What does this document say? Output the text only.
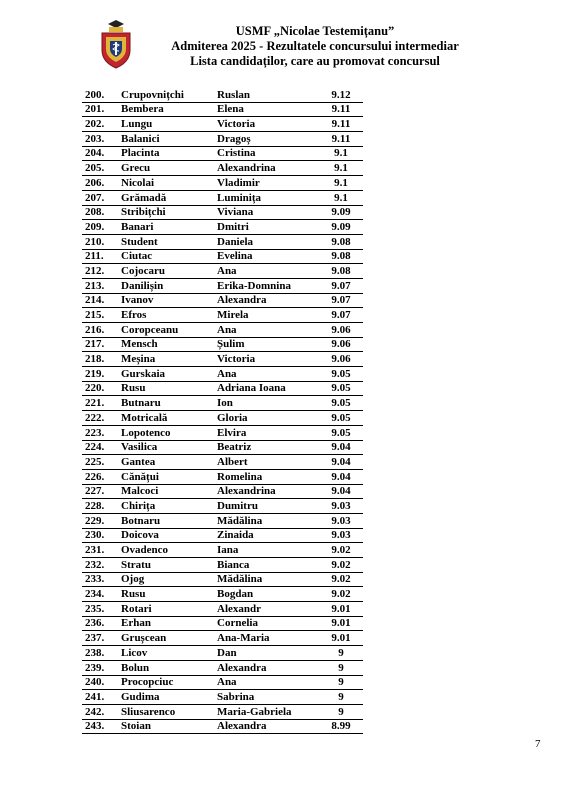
USMF „Nicolae Testemițanu”
Admiterea 2025 - Rezultatele concursului intermediar
Lista candidaților, care au promovat concursul
200.	Crupovnițchi	Ruslan	9.12
201.	Bembera	Elena	9.11
202.	Lungu	Victoria	9.11
203.	Balanici	Dragoș	9.11
204.	Placinta	Cristina	9.1
205.	Grecu	Alexandrina	9.1
206.	Nicolai	Vladimir	9.1
207.	Grămadă	Luminița	9.1
208.	Stribițchi	Viviana	9.09
209.	Banari	Dmitri	9.09
210.	Student	Daniela	9.08
211.	Ciutac	Evelina	9.08
212.	Cojocaru	Ana	9.08
213.	Danilișin	Erika-Domnina	9.07
214.	Ivanov	Alexandra	9.07
215.	Efros	Mirela	9.07
216.	Coropceanu	Ana	9.06
217.	Mensch	Șulim	9.06
218.	Meșina	Victoria	9.06
219.	Gurskaia	Ana	9.05
220.	Rusu	Adriana Ioana	9.05
221.	Butnaru	Ion	9.05
222.	Motricală	Gloria	9.05
223.	Lopotenco	Elvira	9.05
224.	Vasilica	Beatriz	9.04
225.	Gantea	Albert	9.04
226.	Cănățui	Romelina	9.04
227.	Malcoci	Alexandrina	9.04
228.	Chirița	Dumitru	9.03
229.	Botnaru	Mădălina	9.03
230.	Doicova	Zinaida	9.03
231.	Ovadenco	Iana	9.02
232.	Stratu	Bianca	9.02
233.	Ojog	Mădălina	9.02
234.	Rusu	Bogdan	9.02
235.	Rotari	Alexandr	9.01
236.	Erhan	Cornelia	9.01
237.	Grușcean	Ana-Maria	9.01
238.	Licov	Dan	9
239.	Bolun	Alexandra	9
240.	Procopciuc	Ana	9
241.	Gudima	Sabrina	9
242.	Sliusarenco	Maria-Gabriela	9
243.	Stoian	Alexandra	8.99
7
